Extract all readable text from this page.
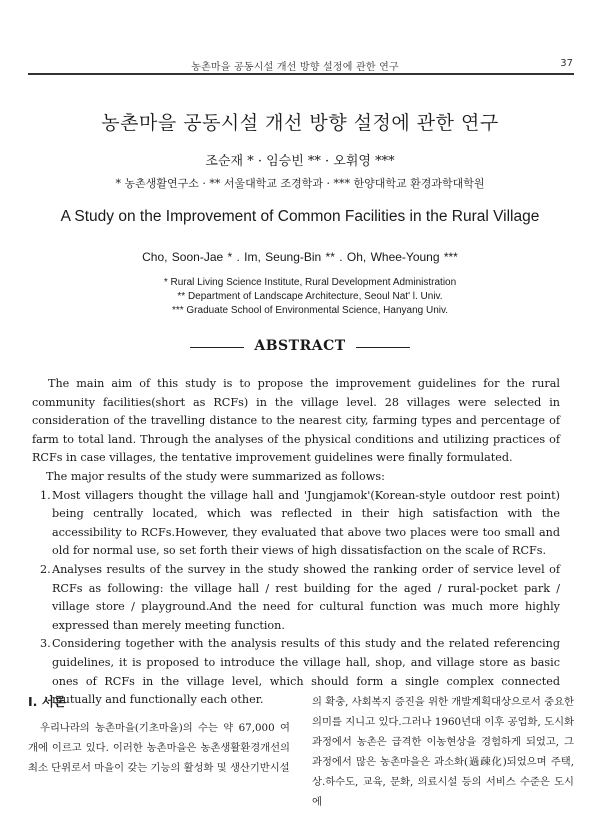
농촌마을 공동시설 개선 방향 설정에 관한 연구	37
농촌마을 공동시설 개선 방향 설정에 관한 연구
조순재 * · 임승빈 ** · 오휘영 ***
* 농촌생활연구소 · ** 서울대학교 조경학과 · *** 한양대학교 환경과학대학원
A Study on the Improvement of Common Facilities in the Rural Village
Cho, Soon-Jae * . Im, Seung-Bin ** . Oh, Whee-Young ***
* Rural Living Science Institute, Rural Development Administration
** Department of Landscape Architecture, Seoul Nat' l. Univ.
*** Graduate School of Environmental Science, Hanyang Univ.
ABSTRACT

The main aim of this study is to propose the improvement guidelines for the rural community facilities(short as RCFs) in the village level. 28 villages were selected in consideration of the travelling distance to the nearest city, farming types and percentage of farm to total land. Through the analyses of the physical conditions and utilizing practices of RCFs in case villages, the tentative improvement guidelines were finally formulated.

The major results of the study were summarized as follows:

1. Most villagers thought the village hall and 'Jungjamok'(Korean-style outdoor rest point) being centrally located, which was reflected in their high satisfaction with the accessibility to RCFs.However, they evaluated that above two places were too small and old for normal use, so set forth their views of high dissatisfaction on the scale of RCFs.
2. Analyses results of the survey in the study showed the ranking order of service level of RCFs as following: the village hall / rest building for the aged / rural-pocket park / village store / playground.And the need for cultural function was much more highly expressed than merely meeting function.
3. Considering together with the analysis results of this study and the related referencing guidelines, it is proposed to introduce the village hall, shop, and village store as basic ones of RCFs in the village level, which should form a single complex connected mutually and functionally each other.
Ⅰ. 서론

우리나라의 농촌마을(기초마을)의 수는 약 67,000 여 개에 이르고 있다. 이러한 농촌마을은 농촌생활환경개선의 최소 단위로서 마을이 갖는 기능의 활성화 및 생산기반시설

의 확충, 사회복지 증진을 위한 개발계획대상으로서 중요한 의미를 지니고 있다.그러나 1960년대 이후 공업화, 도시화 과정에서 농촌은 급격한 이농현상을 경험하게 되었고, 그 과정에서 많은 농촌마을은 과소화(過疎化)되었으며 주택, 상.하수도, 교육, 문화, 의료시설 등의 서비스 수준은 도시에
